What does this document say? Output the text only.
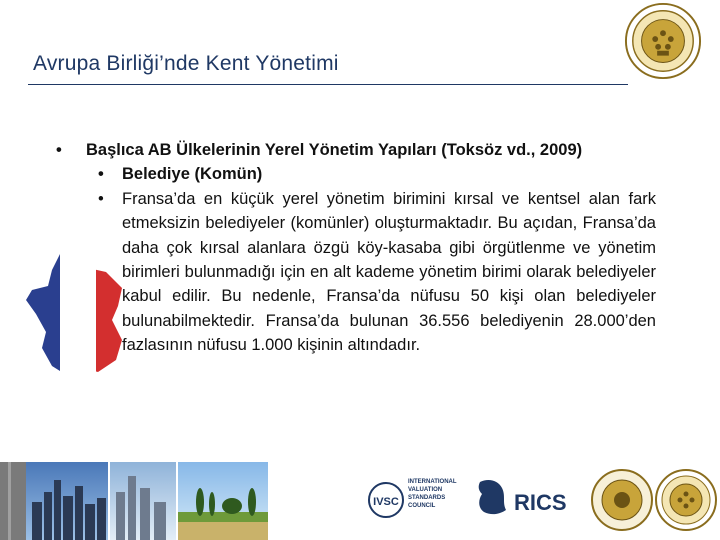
Avrupa Birliği’nde Kent Yönetimi
• Başlıca AB Ülkelerinin Yerel Yönetim Yapıları (Toksöz vd., 2009)
• Belediye (Komün)
• Fransa’da en küçük yerel yönetim birimini kırsal ve kentsel alan fark etmeksizin belediyeler (komünler) oluşturmaktadır. Bu açıdan, Fransa’da daha çok kırsal alanlara özgü köy-kasaba gibi örgütlenme ve yönetim birimleri bulunmadığı için en alt kademe yönetim birimi olarak belediyeler kabul edilir. Bu nedenle, Fransa’da nüfusu 50 kişi olan belediyeler bulunabilmektedir. Fransa’da bulunan 36.556 belediyenin 28.000’den fazlasının nüfusu 1.000 kişinin altındadır.
IVSC
INTERNATIONAL VALUATION STANDARDS COUNCIL	RICS
